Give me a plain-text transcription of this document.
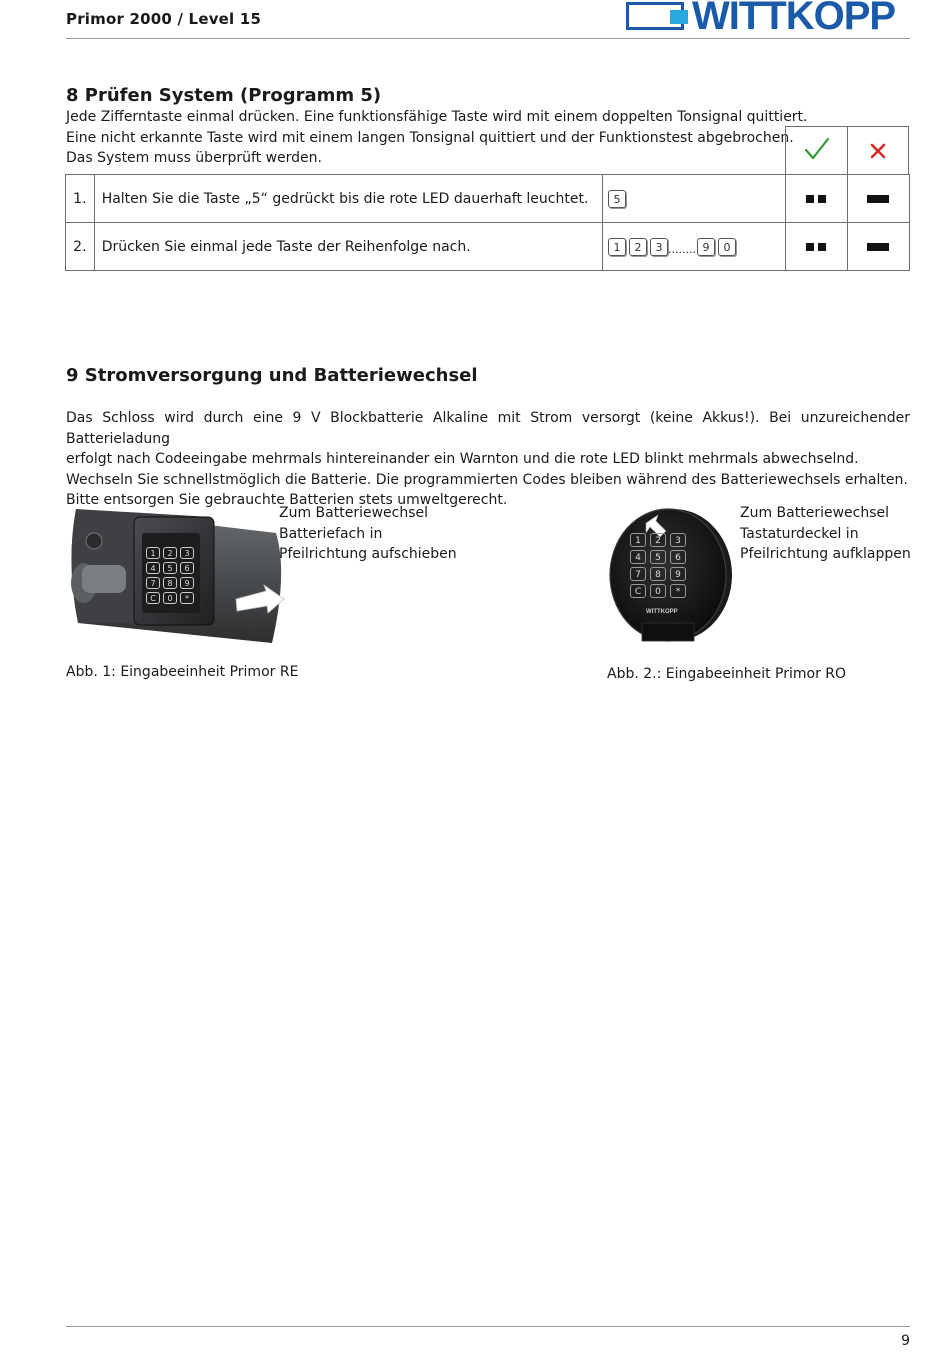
Primor 2000 / Level 15	WITTKOPP
8 Prüfen System (Programm 5)
Jede Zifferntaste einmal drücken. Eine funktionsfähige Taste wird mit einem doppelten Tonsignal quittiert.
Eine nicht erkannte Taste wird mit einem langen Tonsignal quittiert und der Funktionstest abgebrochen.
Das System muss überprüft werden.
1.	Halten Sie die Taste „5“ gedrückt bis die rote LED dauerhaft leuchtet.	5		
2.	Drücken Sie einmal jede Taste der Reihenfolge nach.	1 2 3 ........ 9 0		
9 Stromversorgung und Batteriewechsel
Das Schloss wird durch eine 9 V Blockbatterie Alkaline mit Strom versorgt (keine Akkus!). Bei unzureichender Batterieladung
erfolgt nach Codeeingabe mehrmals hintereinander ein Warnton und die rote LED blinkt mehrmals abwechselnd.
Wechseln Sie schnellstmöglich die Batterie. Die programmierten Codes bleiben während des Batteriewechsels erhalten.
Bitte entsorgen Sie gebrauchte Batterien stets umweltgerecht.
1	2	3
4	5	6
7	8	9
C	0	*
Zum Batteriewechsel
Batteriefach in
Pfeilrichtung aufschieben
Abb. 1: Eingabeeinheit Primor RE
1	2	3
4	5	6
7	8	9
C	0	*
WITTKOPP
Zum Batteriewechsel
Tastaturdeckel in
Pfeilrichtung aufklappen
Abb. 2.: Eingabeeinheit Primor RO
9
